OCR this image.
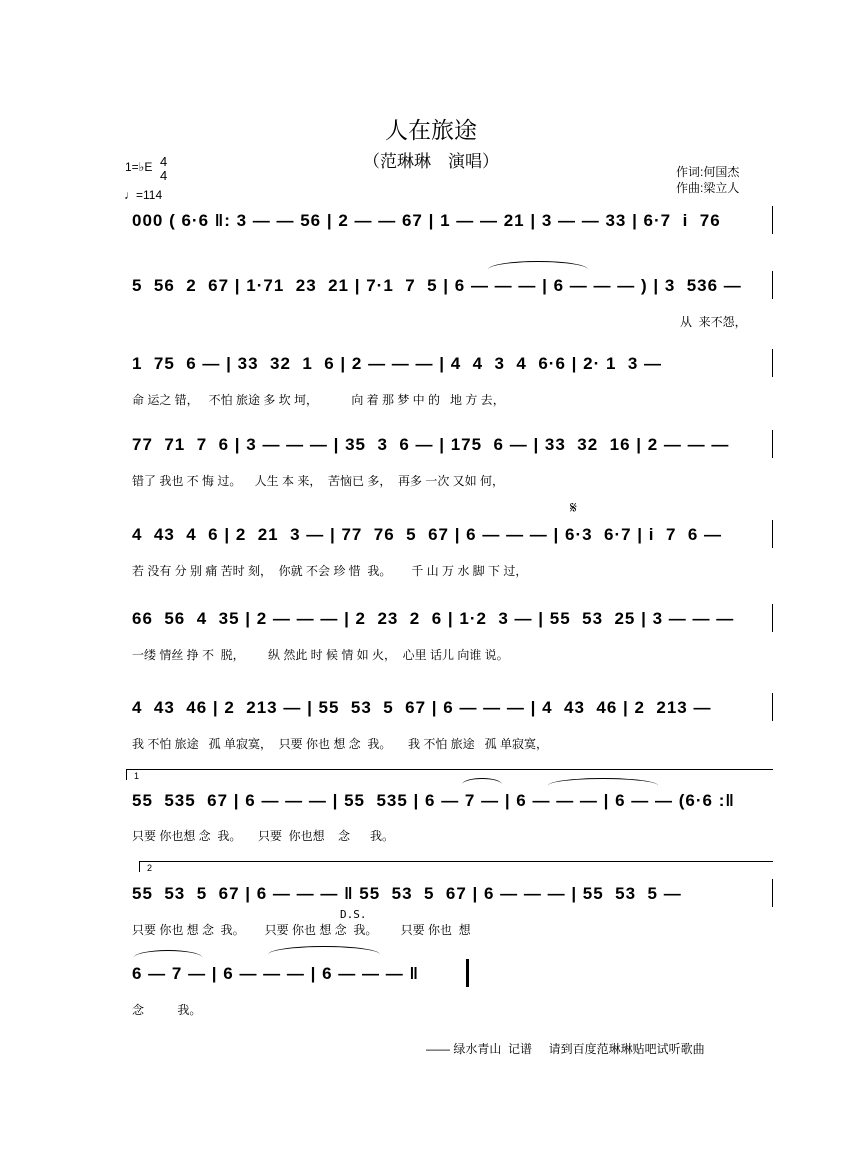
人在旅途
（范琳琳　演唱）
作词:何国杰
作曲:梁立人
1=♭E 4
4
♩=114
000 ( 6·6 ‖: 3 — — 56 | 2 — — 67 | 1 — — 21 | 3 — — 33 | 6·7  i  76
5  56  2  67 | 1·71  23  21 | 7·1  7  5 | 6 — — — | 6 — — — ) | 3  536 —
从  来不怨，
1  75  6 — | 33  32  1  6 | 2 — — — | 4  4  3  4  6·6 | 2· 1  3 —
命 运之 错，   不怕 旅途 多 坎 坷，          向 着 那 梦 中 的   地 方 去，
77  71  7  6 | 3 — — — | 35  3  6 — | 175  6 — | 33  32  16 | 2 — — —
错了 我也 不 悔 过。    人生 本 来，  苦恼已 多，  再多 一次 又如 何，
4  43  4  6 | 2  21  3 — | 77  76  5  67 | 6 — — — | 6·3  6·7 | i  7  6 —
若 没有 分 别 痛 苦时 刻，  你就 不会 珍 惜  我。      千 山 万 水 脚 下 过，
𝄋
66  56  4  35 | 2 — — — | 2  23  2  6 | 1·2  3 — | 55  53  25 | 3 — — —
一缕 情丝 挣 不  脱，       纵 然此 时 候 情 如 火，  心里 话儿 向谁 说。
4  43  46 | 2  213 — | 55  53  5  67 | 6 — — — | 4  43  46 | 2  213 —
我 不怕 旅途   孤 单寂寞，  只要 你也 想 念  我。     我 不怕 旅途   孤 单寂寞，
1
55  535  67 | 6 — — — | 55  535 | 6 — 7 — | 6 — — — | 6 — — (6·6 :‖
只要 你也想 念  我。     只要  你也想    念      我。
2
55  53  5  67 | 6 — — — ‖ 55  53  5  67 | 6 — — — | 55  53  5 —
只要 你也 想 念  我。      只要 你也 想 念  我。       只要 你也  想
D.S.
6 — 7 — | 6 — — — | 6 — — — ‖
念          我。
—— 绿水青山  记谱     请到百度范琳琳贴吧试听歌曲
